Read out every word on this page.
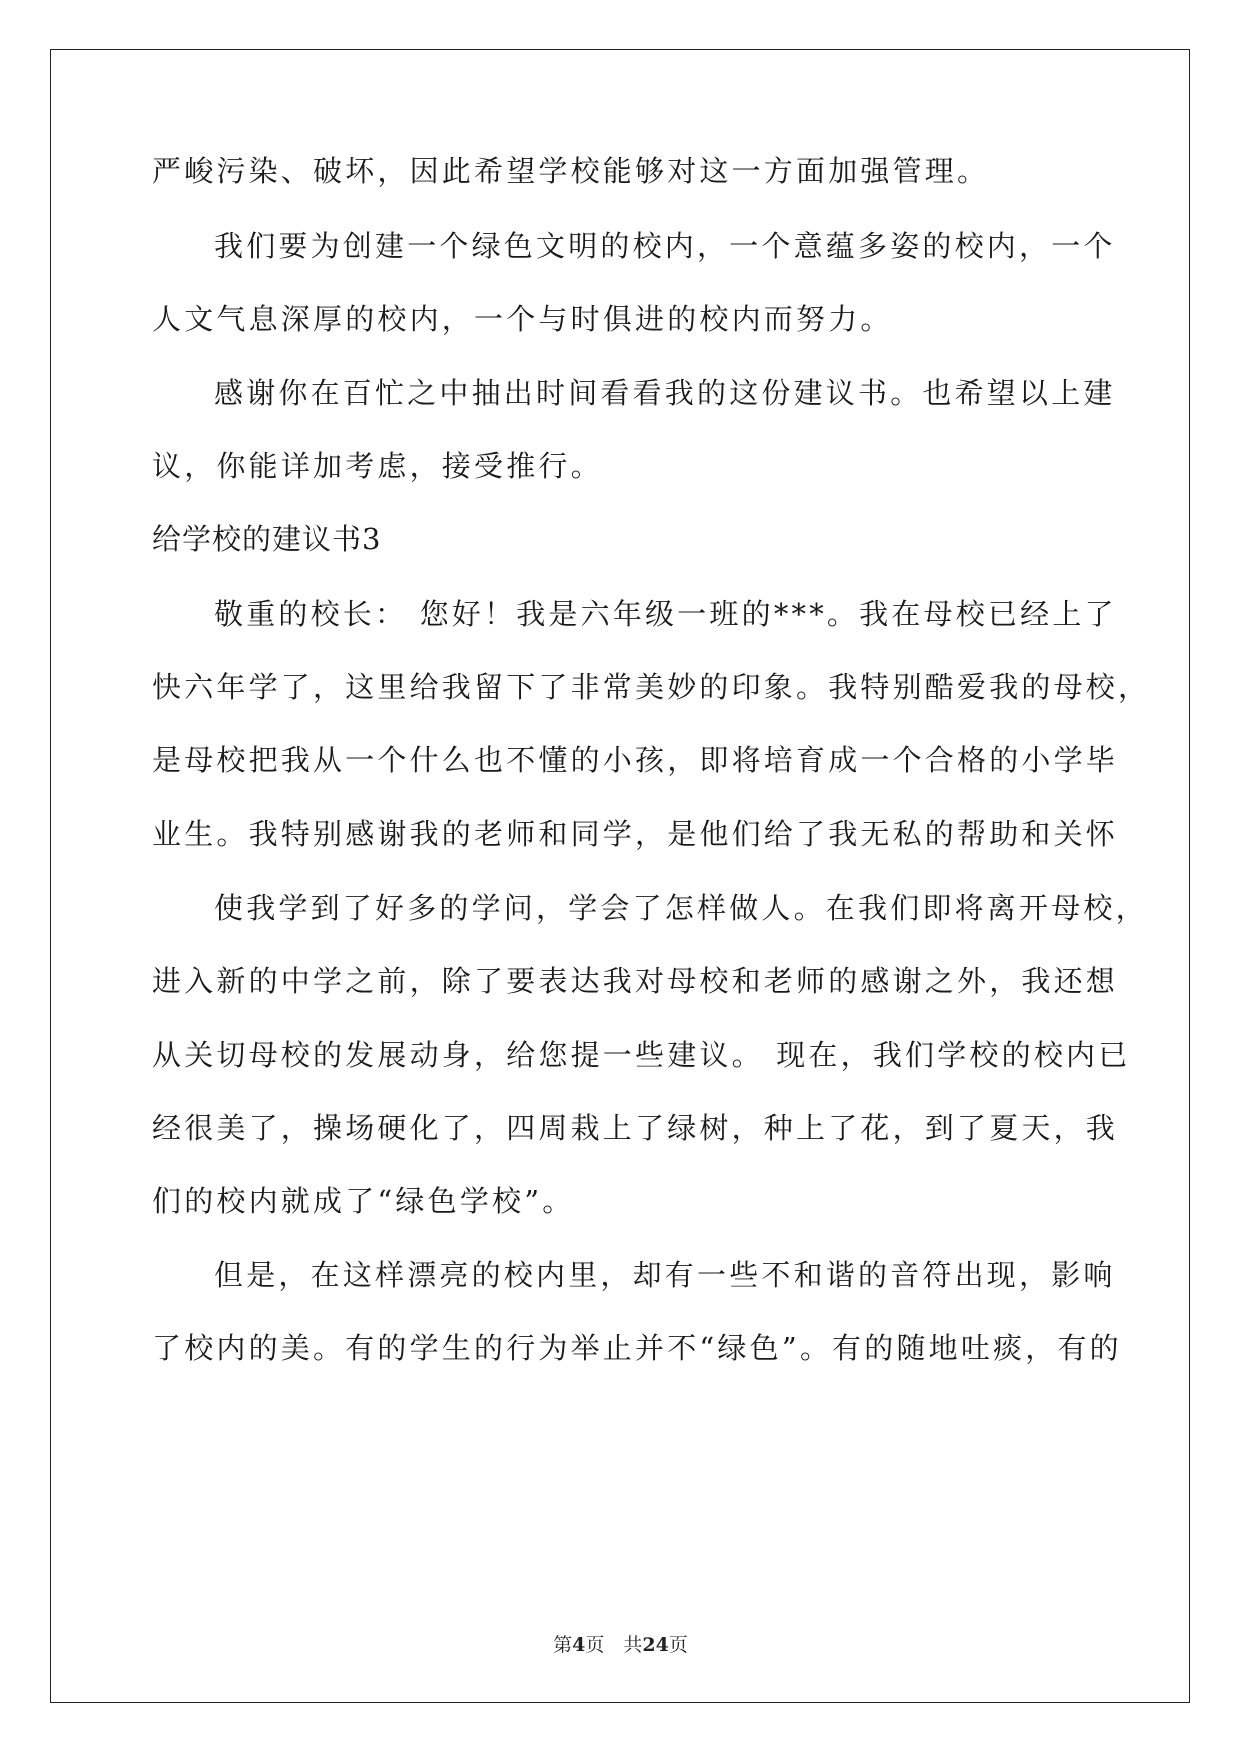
严峻污染、破坏，因此希望学校能够对这一方面加强管理。
我们要为创建一个绿色文明的校内，一个意蕴多姿的校内，一个
人文气息深厚的校内，一个与时俱进的校内而努力。
感谢你在百忙之中抽出时间看看我的这份建议书。也希望以上建
议，你能详加考虑，接受推行。
给学校的建议书3
敬重的校长： 您好！我是六年级一班的***。我在母校已经上了
快六年学了，这里给我留下了非常美妙的印象。我特别酷爱我的母校，
是母校把我从一个什么也不懂的小孩，即将培育成一个合格的小学毕
业生。我特别感谢我的老师和同学，是他们给了我无私的帮助和关怀
使我学到了好多的学问，学会了怎样做人。在我们即将离开母校，
进入新的中学之前，除了要表达我对母校和老师的感谢之外，我还想
从关切母校的发展动身，给您提一些建议。 现在，我们学校的校内已
经很美了，操场硬化了，四周栽上了绿树，种上了花，到了夏天，我
们的校内就成了“绿色学校”。
但是，在这样漂亮的校内里，却有一些不和谐的音符出现，影响
了校内的美。有的学生的行为举止并不“绿色”。有的随地吐痰，有的
第4页　共24页
